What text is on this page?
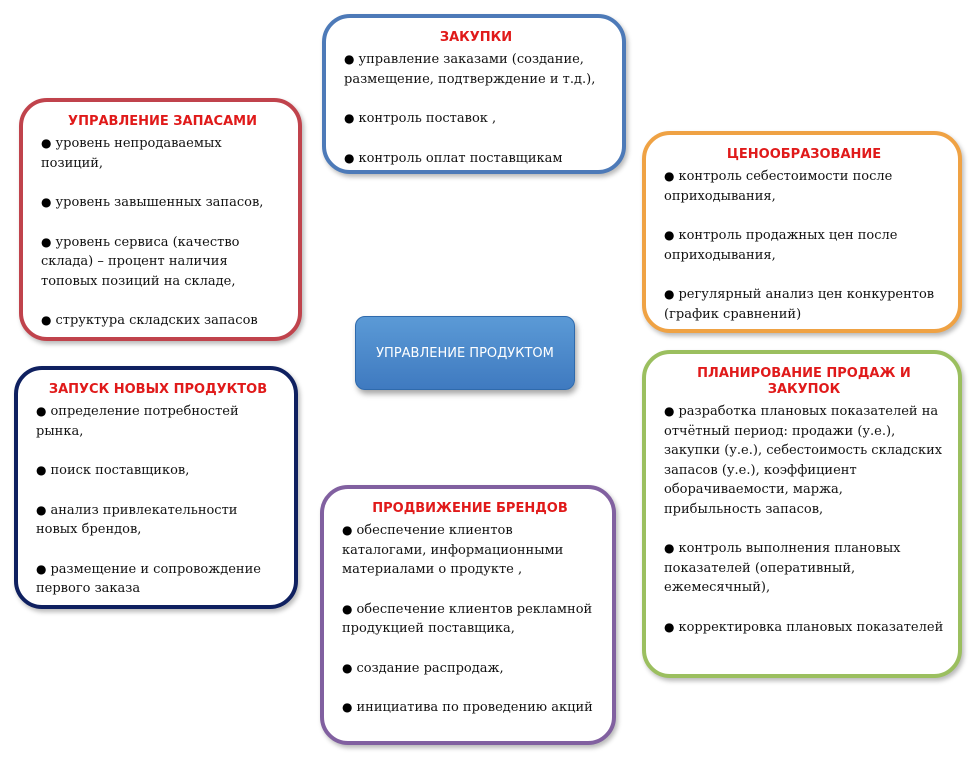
УПРАВЛЕНИЕ ПРОДУКТОМ
ЗАКУПКИ
● управление заказами (создание, размещение, подтверждение и т.д.),
● контроль поставок ,
● контроль оплат поставщикам
УПРАВЛЕНИЕ ЗАПАСАМИ
● уровень непродаваемых позиций,
● уровень завышенных запасов,
● уровень сервиса (качество склада) – процент наличия топовых позиций на складе,
● структура складских запасов
ЦЕНООБРАЗОВАНИЕ
● контроль себестоимости после оприходывания,
● контроль продажных цен после оприходывания,
● регулярный анализ цен конкурентов (график сравнений)
ЗАПУСК НОВЫХ ПРОДУКТОВ
● определение потребностей рынка,
● поиск поставщиков,
● анализ привлекательности новых брендов,
● размещение и сопровождение первого заказа
ПРОДВИЖЕНИЕ БРЕНДОВ
● обеспечение клиентов каталогами, информационными материалами о продукте ,
● обеспечение клиентов рекламной продукцией поставщика,
● создание распродаж,
● инициатива по проведению акций
ПЛАНИРОВАНИЕ ПРОДАЖ И ЗАКУПОК
● разработка плановых показателей на отчётный период: продажи (у.е.), закупки (у.е.), себестоимость складских запасов (у.е.), коэффициент оборачиваемости, маржа, прибыльность запасов,
● контроль выполнения плановых показателей (оперативный, ежемесячный),
● корректировка плановых показателей
